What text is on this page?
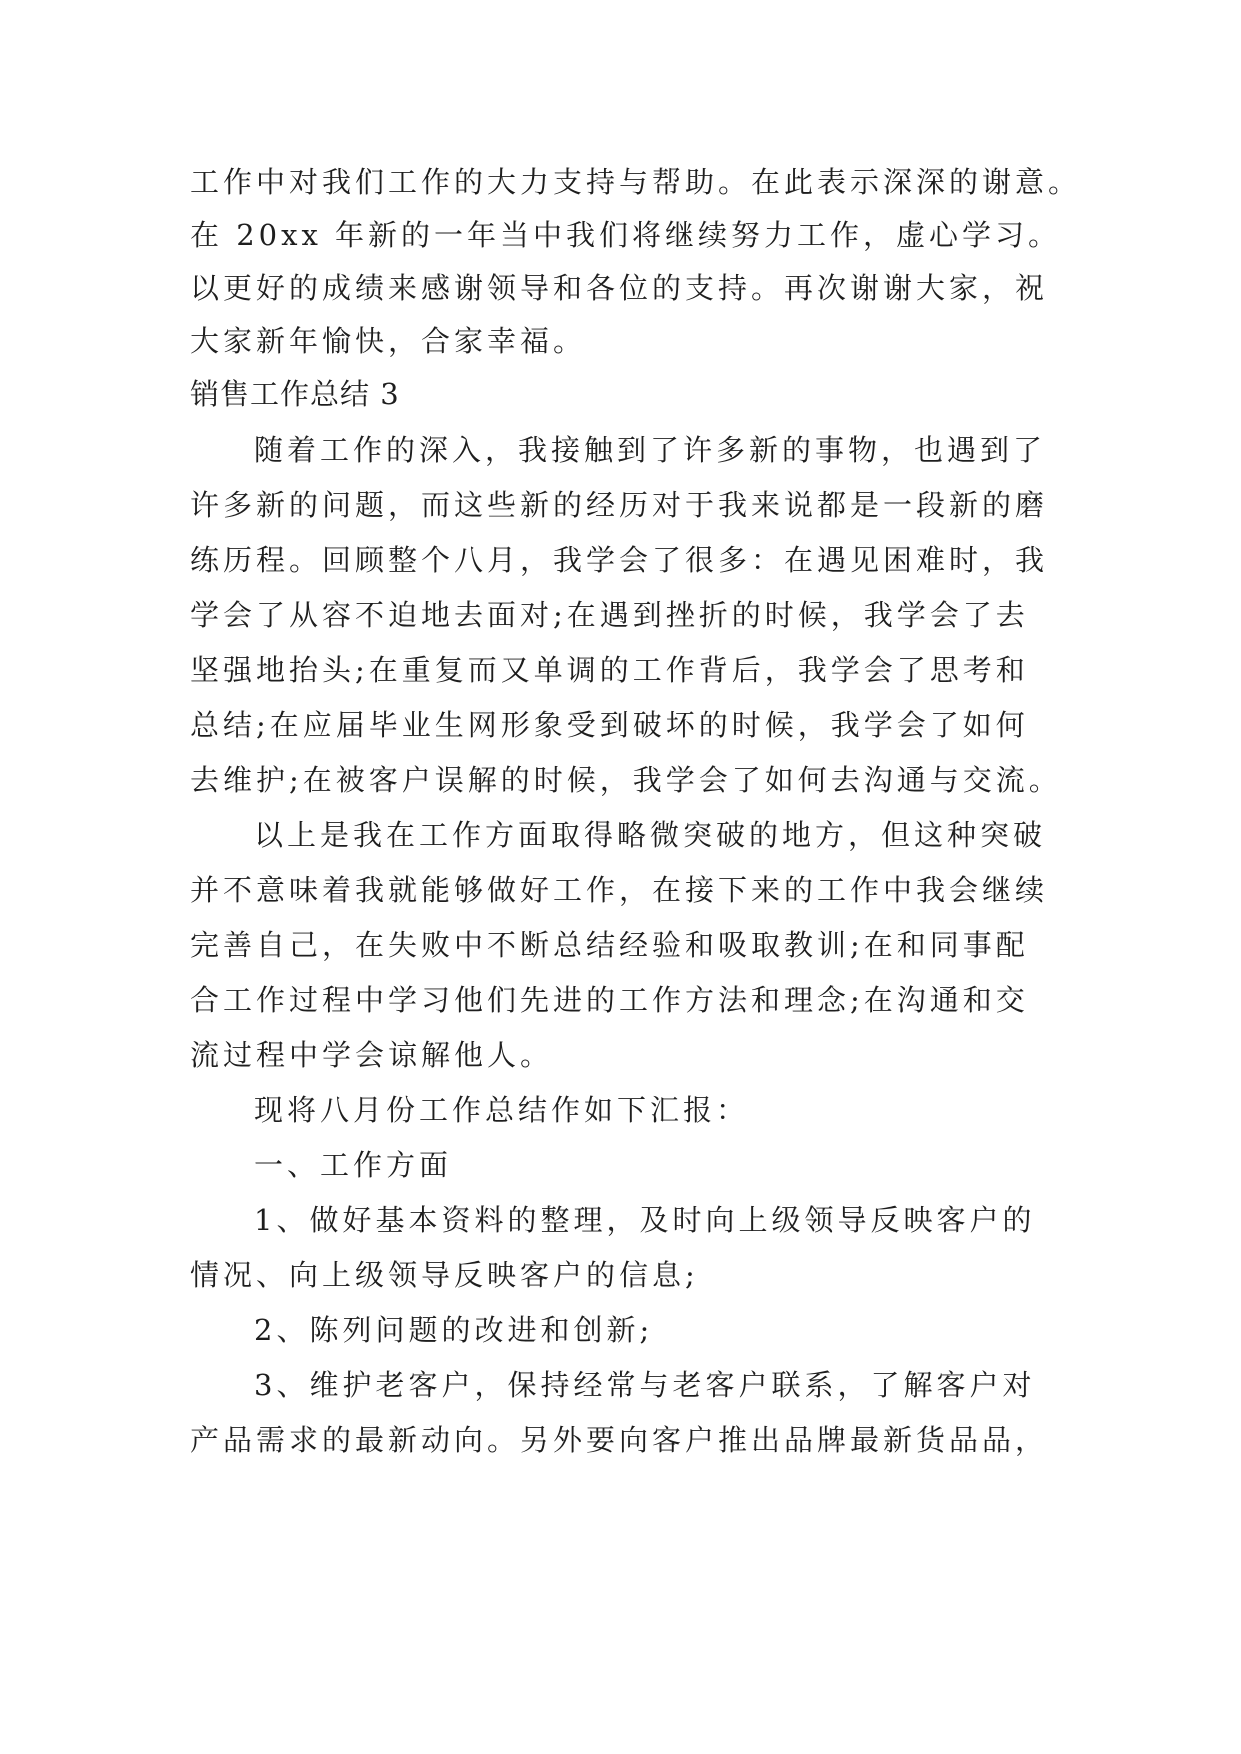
工作中对我们工作的大力支持与帮助。在此表示深深的谢意。

在 20xx 年新的一年当中我们将继续努力工作，虚心学习。

以更好的成绩来感谢领导和各位的支持。再次谢谢大家，祝

大家新年愉快，合家幸福。

销售工作总结 3

随着工作的深入，我接触到了许多新的事物，也遇到了

许多新的问题，而这些新的经历对于我来说都是一段新的磨

练历程。回顾整个八月，我学会了很多：在遇见困难时，我

学会了从容不迫地去面对;在遇到挫折的时候，我学会了去

坚强地抬头;在重复而又单调的工作背后，我学会了思考和

总结;在应届毕业生网形象受到破坏的时候，我学会了如何

去维护;在被客户误解的时候，我学会了如何去沟通与交流。

以上是我在工作方面取得略微突破的地方，但这种突破

并不意味着我就能够做好工作，在接下来的工作中我会继续

完善自己，在失败中不断总结经验和吸取教训;在和同事配

合工作过程中学习他们先进的工作方法和理念;在沟通和交

流过程中学会谅解他人。

现将八月份工作总结作如下汇报：

一、工作方面

1、做好基本资料的整理，及时向上级领导反映客户的

情况、向上级领导反映客户的信息;

2、陈列问题的改进和创新;

3、维护老客户，保持经常与老客户联系，了解客户对

产品需求的最新动向。另外要向客户推出品牌最新货品品，
